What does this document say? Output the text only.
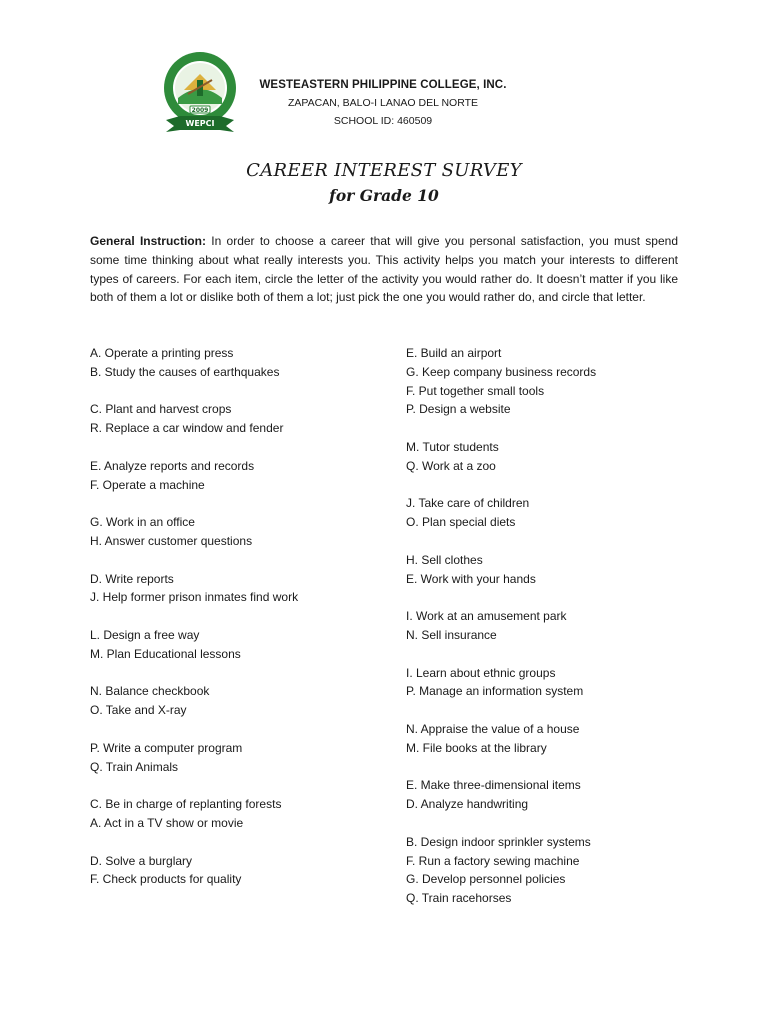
2009
WEPCI
WESTEASTERN PHILIPPINE COLLEGE, INC.
ZAPACAN, BALO-I LANAO DEL NORTE
SCHOOL ID: 460509
CAREER INTEREST SURVEY
for Grade 10
General Instruction: In order to choose a career that will give you personal satisfaction, you must spend some time thinking about what really interests you. This activity helps you match your interests to different types of careers. For each item, circle the letter of the activity you would rather do. It doesn’t matter if you like both of them a lot or dislike both of them a lot; just pick the one you would rather do, and circle that letter.
A. Operate a printing press
B. Study the causes of earthquakes
C. Plant and harvest crops
R. Replace a car window and fender
E. Analyze reports and records
F. Operate a machine
G. Work in an office
H. Answer customer questions
D. Write reports
J. Help former prison inmates find work
L. Design a free way
M. Plan Educational lessons
N. Balance checkbook
O. Take and X-ray
P. Write a computer program
Q. Train Animals
C. Be in charge of replanting forests
A. Act in a TV show or movie
D. Solve a burglary
F. Check products for quality
E. Build an airport
G. Keep company business records
F. Put together small tools
P. Design a website
M. Tutor students
Q. Work at a zoo
J. Take care of children
O. Plan special diets
H. Sell clothes
E. Work with your hands
I. Work at an amusement park
N. Sell insurance
I. Learn about ethnic groups
P. Manage an information system
N. Appraise the value of a house
M. File books at the library
E. Make three-dimensional items
D. Analyze handwriting
B. Design indoor sprinkler systems
F. Run a factory sewing machine
G. Develop personnel policies
Q. Train racehorses
